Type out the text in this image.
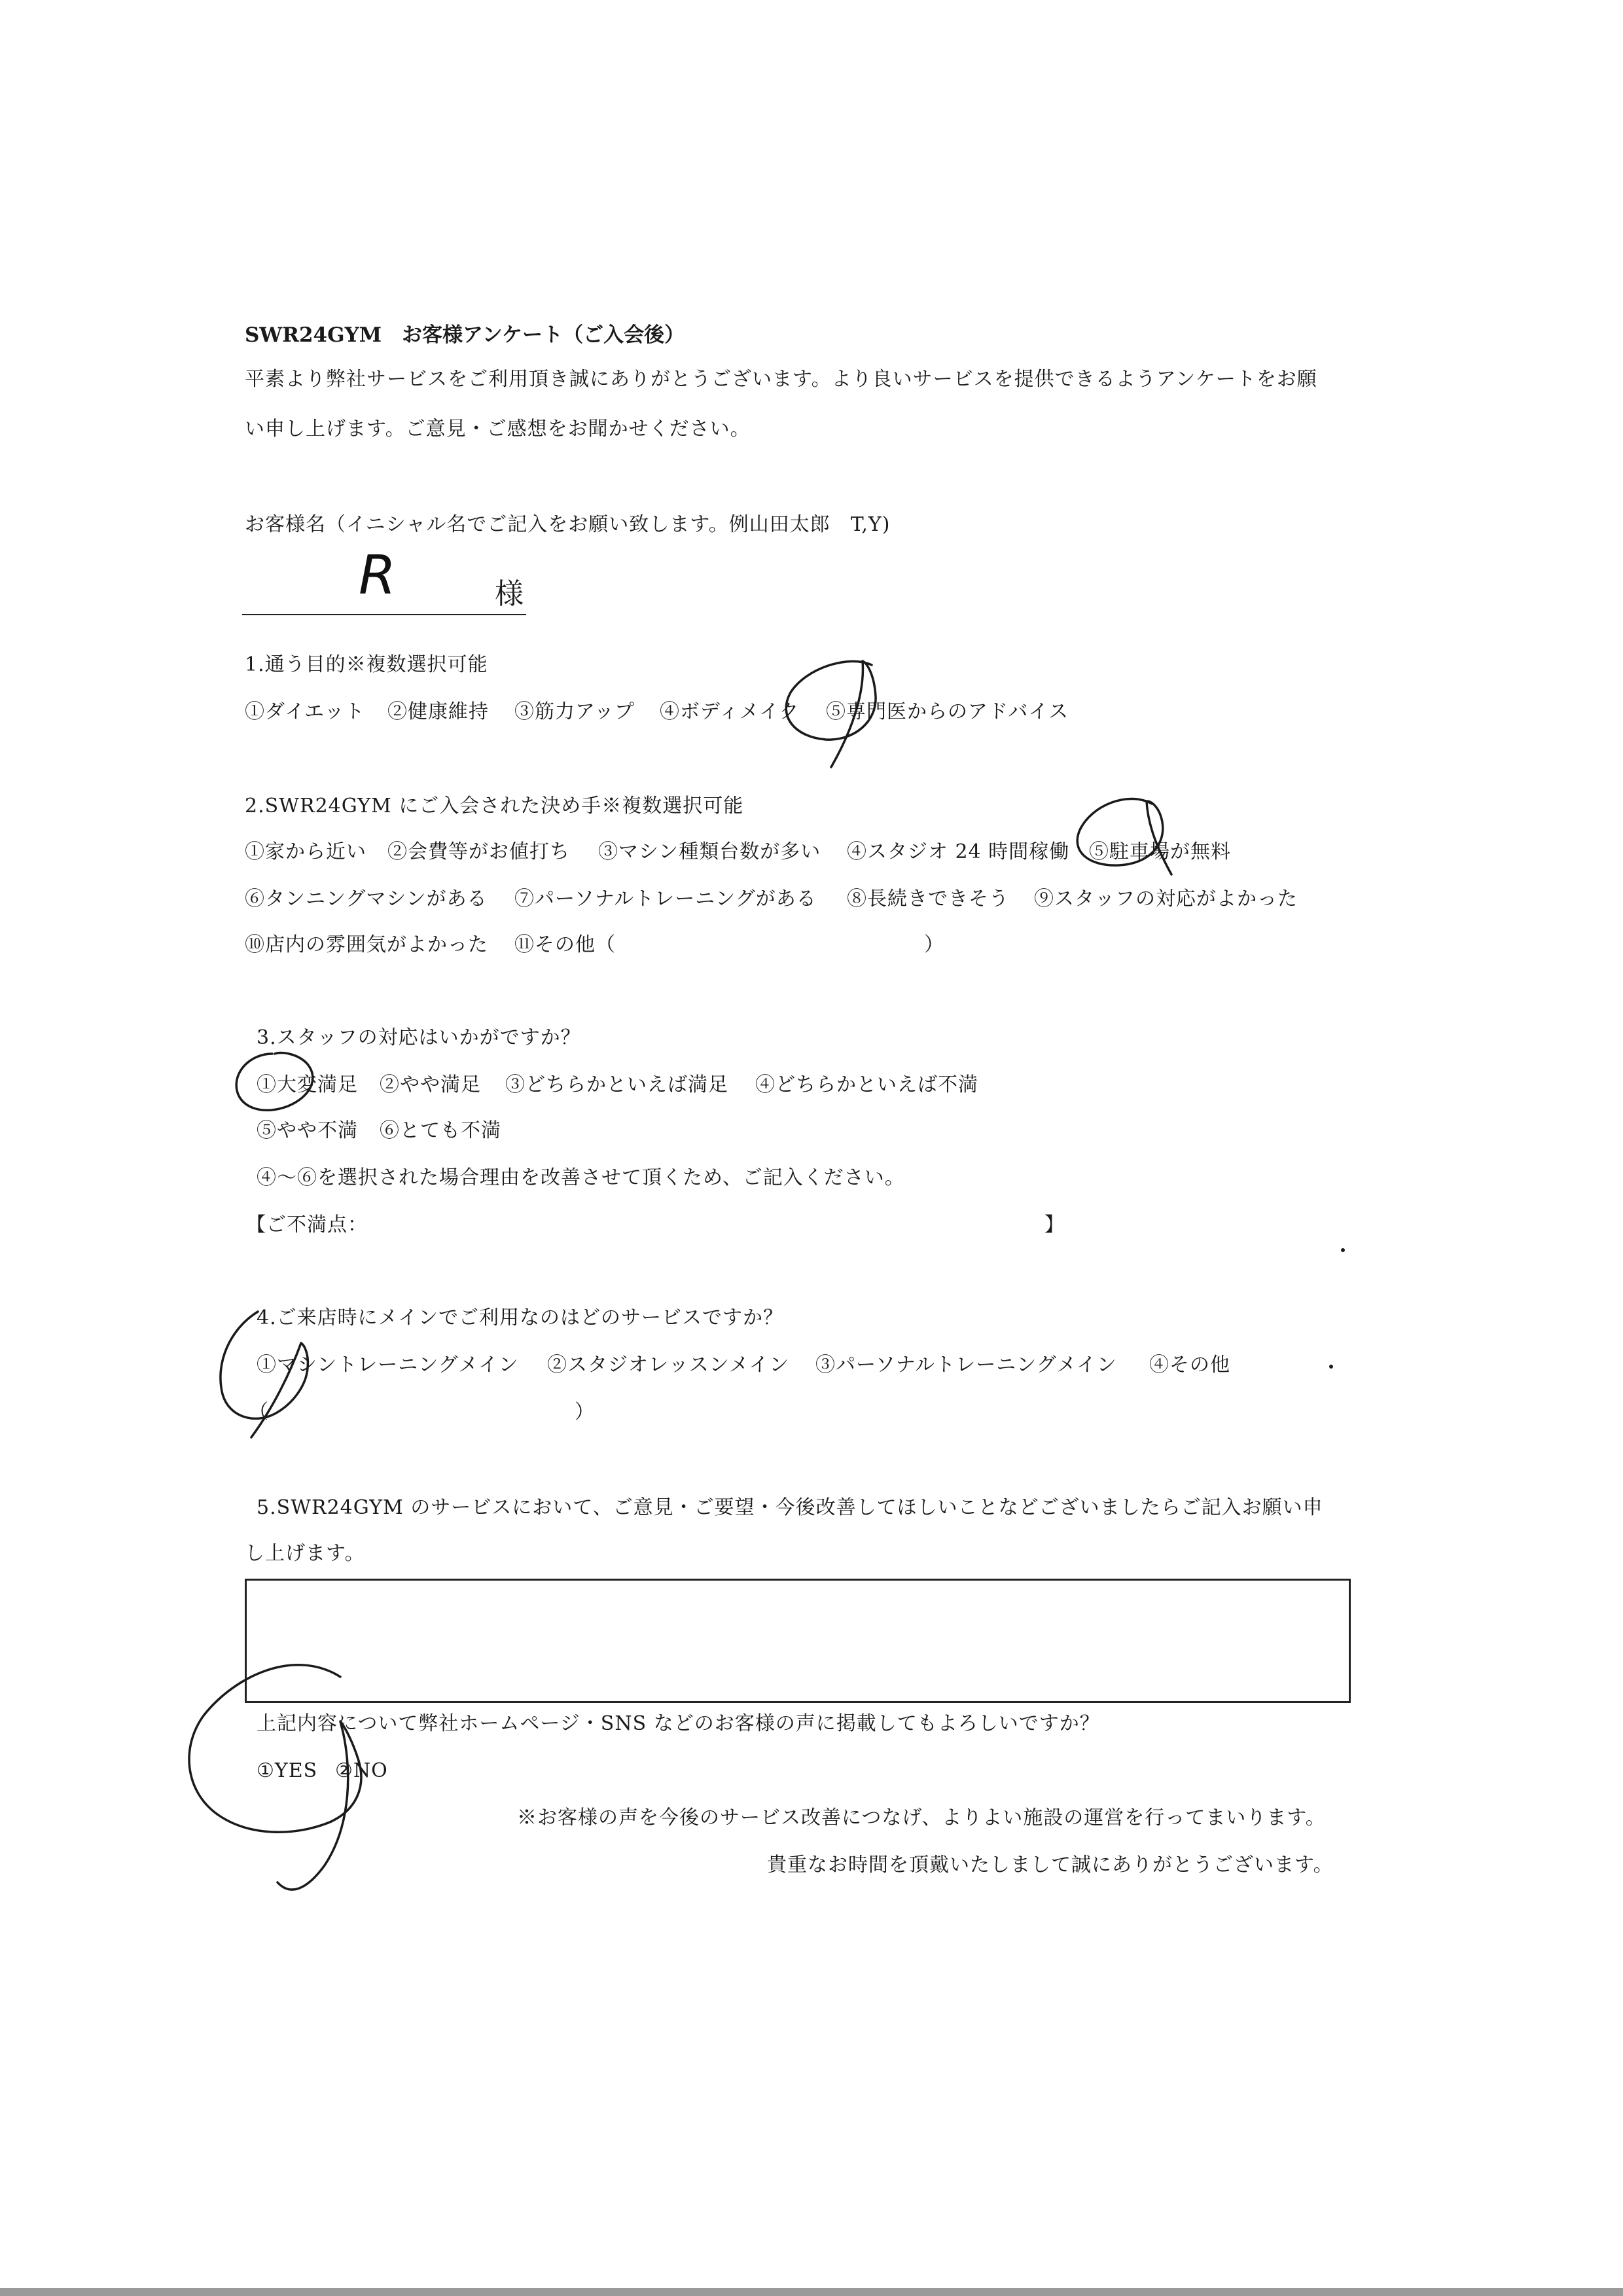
SWR24GYM　お客様アンケート（ご入会後）
平素より弊社サービスをご利用頂き誠にありがとうございます。より良いサービスを提供できるようアンケートをお願
い申し上げます。ご意見・ご感想をお聞かせください。
お客様名（イニシャル名でご記入をお願い致します。例山田太郎　T,Y)
R	様
1.通う目的※複数選択可能
①ダイエット ②健康維持 ③筋力アップ ④ボディメイク ⑤専門医からのアドバイス
2.SWR24GYM にご入会された決め手※複数選択可能
①家から近い ②会費等がお値打ち ③マシン種類台数が多い ④スタジオ 24 時間稼働 ⑤駐車場が無料
⑥タンニングマシンがある ⑦パーソナルトレーニングがある ⑧長続きできそう ⑨スタッフの対応がよかった
⑩店内の雰囲気がよかった ⑪その他（	）
3.スタッフの対応はいかがですか？
①大変満足 ②やや満足 ③どちらかといえば満足 ④どちらかといえば不満
⑤やや不満 ⑥とても不満
④～⑥を選択された場合理由を改善させて頂くため、ご記入ください。
【ご不満点：	】
4.ご来店時にメインでご利用なのはどのサービスですか？
①マシントレーニングメイン ②スタジオレッスンメイン ③パーソナルトレーニングメイン ④その他
（	）
5.SWR24GYM のサービスにおいて、ご意見・ご要望・今後改善してほしいことなどございましたらご記入お願い申
し上げます。
上記内容について弊社ホームページ・SNS などのお客様の声に掲載してもよろしいですか？
①YES ②NO
※お客様の声を今後のサービス改善につなげ、よりよい施設の運営を行ってまいります。
貴重なお時間を頂戴いたしまして誠にありがとうございます。
